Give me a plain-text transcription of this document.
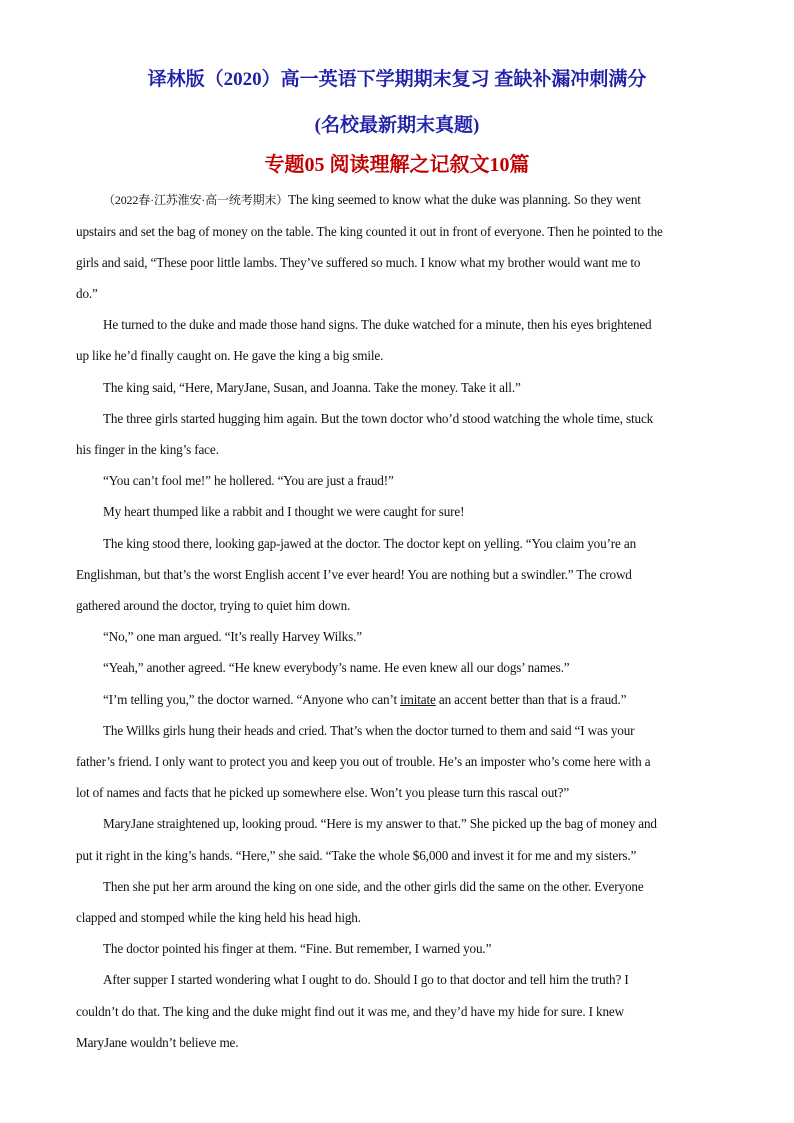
译林版（2020）高一英语下学期期末复习 查缺补漏冲刺满分
(名校最新期末真题)
专题05 阅读理解之记叙文10篇
（2022春·江苏淮安·高一统考期末）The king seemed to know what the duke was planning. So they went
upstairs and set the bag of money on the table. The king counted it out in front of everyone. Then he pointed to the
girls and said, “These poor little lambs. They’ve suffered so much. I know what my brother would want me to
do.”
He turned to the duke and made those hand signs. The duke watched for a minute, then his eyes brightened
up like he’d finally caught on. He gave the king a big smile.
The king said, “Here, MaryJane, Susan, and Joanna. Take the money. Take it all.”
The three girls started hugging him again. But the town doctor who’d stood watching the whole time, stuck
his finger in the king’s face.
“You can’t fool me!” he hollered. “You are just a fraud!”
My heart thumped like a rabbit and I thought we were caught for sure!
The king stood there, looking gap-jawed at the doctor. The doctor kept on yelling. “You claim you’re an
Englishman, but that’s the worst English accent I’ve ever heard! You are nothing but a swindler.” The crowd
gathered around the doctor, trying to quiet him down.
“No,” one man argued. “It’s really Harvey Wilks.”
“Yeah,” another agreed. “He knew everybody’s name. He even knew all our dogs’ names.”
“I’m telling you,” the doctor warned. “Anyone who can’t imitate an accent better than that is a fraud.”
The Willks girls hung their heads and cried. That’s when the doctor turned to them and said “I was your
father’s friend. I only want to protect you and keep you out of trouble. He’s an imposter who’s come here with a
lot of names and facts that he picked up somewhere else. Won’t you please turn this rascal out?”
MaryJane straightened up, looking proud. “Here is my answer to that.” She picked up the bag of money and
put it right in the king’s hands. “Here,” she said. “Take the whole $6,000 and invest it for me and my sisters.”
Then she put her arm around the king on one side, and the other girls did the same on the other. Everyone
clapped and stomped while the king held his head high.
The doctor pointed his finger at them. “Fine. But remember, I warned you.”
After supper I started wondering what I ought to do. Should I go to that doctor and tell him the truth? I
couldn’t do that. The king and the duke might find out it was me, and they’d have my hide for sure. I knew
MaryJane wouldn’t believe me.
